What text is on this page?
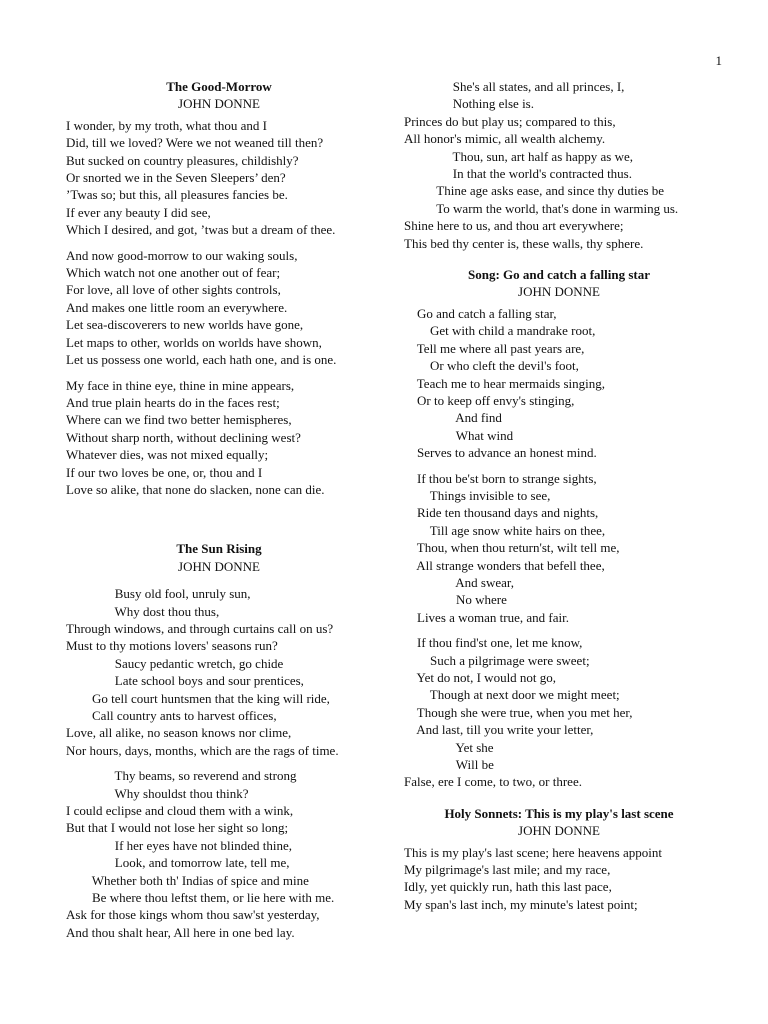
1
The Good-Morrow
JOHN DONNE
I wonder, by my troth, what thou and I
Did, till we loved? Were we not weaned till then?
But sucked on country pleasures, childishly?
Or snorted we in the Seven Sleepers’ den?
’Twas so; but this, all pleasures fancies be.
If ever any beauty I did see,
Which I desired, and got, ’twas but a dream of thee.
And now good-morrow to our waking souls,
Which watch not one another out of fear;
For love, all love of other sights controls,
And makes one little room an everywhere.
Let sea-discoverers to new worlds have gone,
Let maps to other, worlds on worlds have shown,
Let us possess one world, each hath one, and is one.
My face in thine eye, thine in mine appears,
And true plain hearts do in the faces rest;
Where can we find two better hemispheres,
Without sharp north, without declining west?
Whatever dies, was not mixed equally;
If our two loves be one, or, thou and I
Love so alike, that none do slacken, none can die.
The Sun Rising
JOHN DONNE
Busy old fool, unruly sun,
Why dost thou thus,
Through windows, and through curtains call on us?
Must to thy motions lovers' seasons run?
Saucy pedantic wretch, go chide
Late school boys and sour prentices,
Go tell court huntsmen that the king will ride,
Call country ants to harvest offices,
Love, all alike, no season knows nor clime,
Nor hours, days, months, which are the rags of time.
Thy beams, so reverend and strong
Why shouldst thou think?
I could eclipse and cloud them with a wink,
But that I would not lose her sight so long;
If her eyes have not blinded thine,
Look, and tomorrow late, tell me,
Whether both th' Indias of spice and mine
Be where thou leftst them, or lie here with me.
Ask for those kings whom thou saw'st yesterday,
And thou shalt hear, All here in one bed lay.
She's all states, and all princes, I,
Nothing else is.
Princes do but play us; compared to this,
All honor's mimic, all wealth alchemy.
Thou, sun, art half as happy as we,
In that the world's contracted thus.
Thine age asks ease, and since thy duties be
To warm the world, that's done in warming us.
Shine here to us, and thou art everywhere;
This bed thy center is, these walls, thy sphere.
Song: Go and catch a falling star
JOHN DONNE
Go and catch a falling star,
Get with child a mandrake root,
Tell me where all past years are,
Or who cleft the devil's foot,
Teach me to hear mermaids singing,
Or to keep off envy's stinging,
And find
What wind
Serves to advance an honest mind.
If thou be'st born to strange sights,
Things invisible to see,
Ride ten thousand days and nights,
Till age snow white hairs on thee,
Thou, when thou return'st, wilt tell me,
All strange wonders that befell thee,
And swear,
No where
Lives a woman true, and fair.
If thou find'st one, let me know,
Such a pilgrimage were sweet;
Yet do not, I would not go,
Though at next door we might meet;
Though she were true, when you met her,
And last, till you write your letter,
Yet she
Will be
False, ere I come, to two, or three.
Holy Sonnets: This is my play's last scene
JOHN DONNE
This is my play's last scene; here heavens appoint
My pilgrimage's last mile; and my race,
Idly, yet quickly run, hath this last pace,
My span's last inch, my minute's latest point;
